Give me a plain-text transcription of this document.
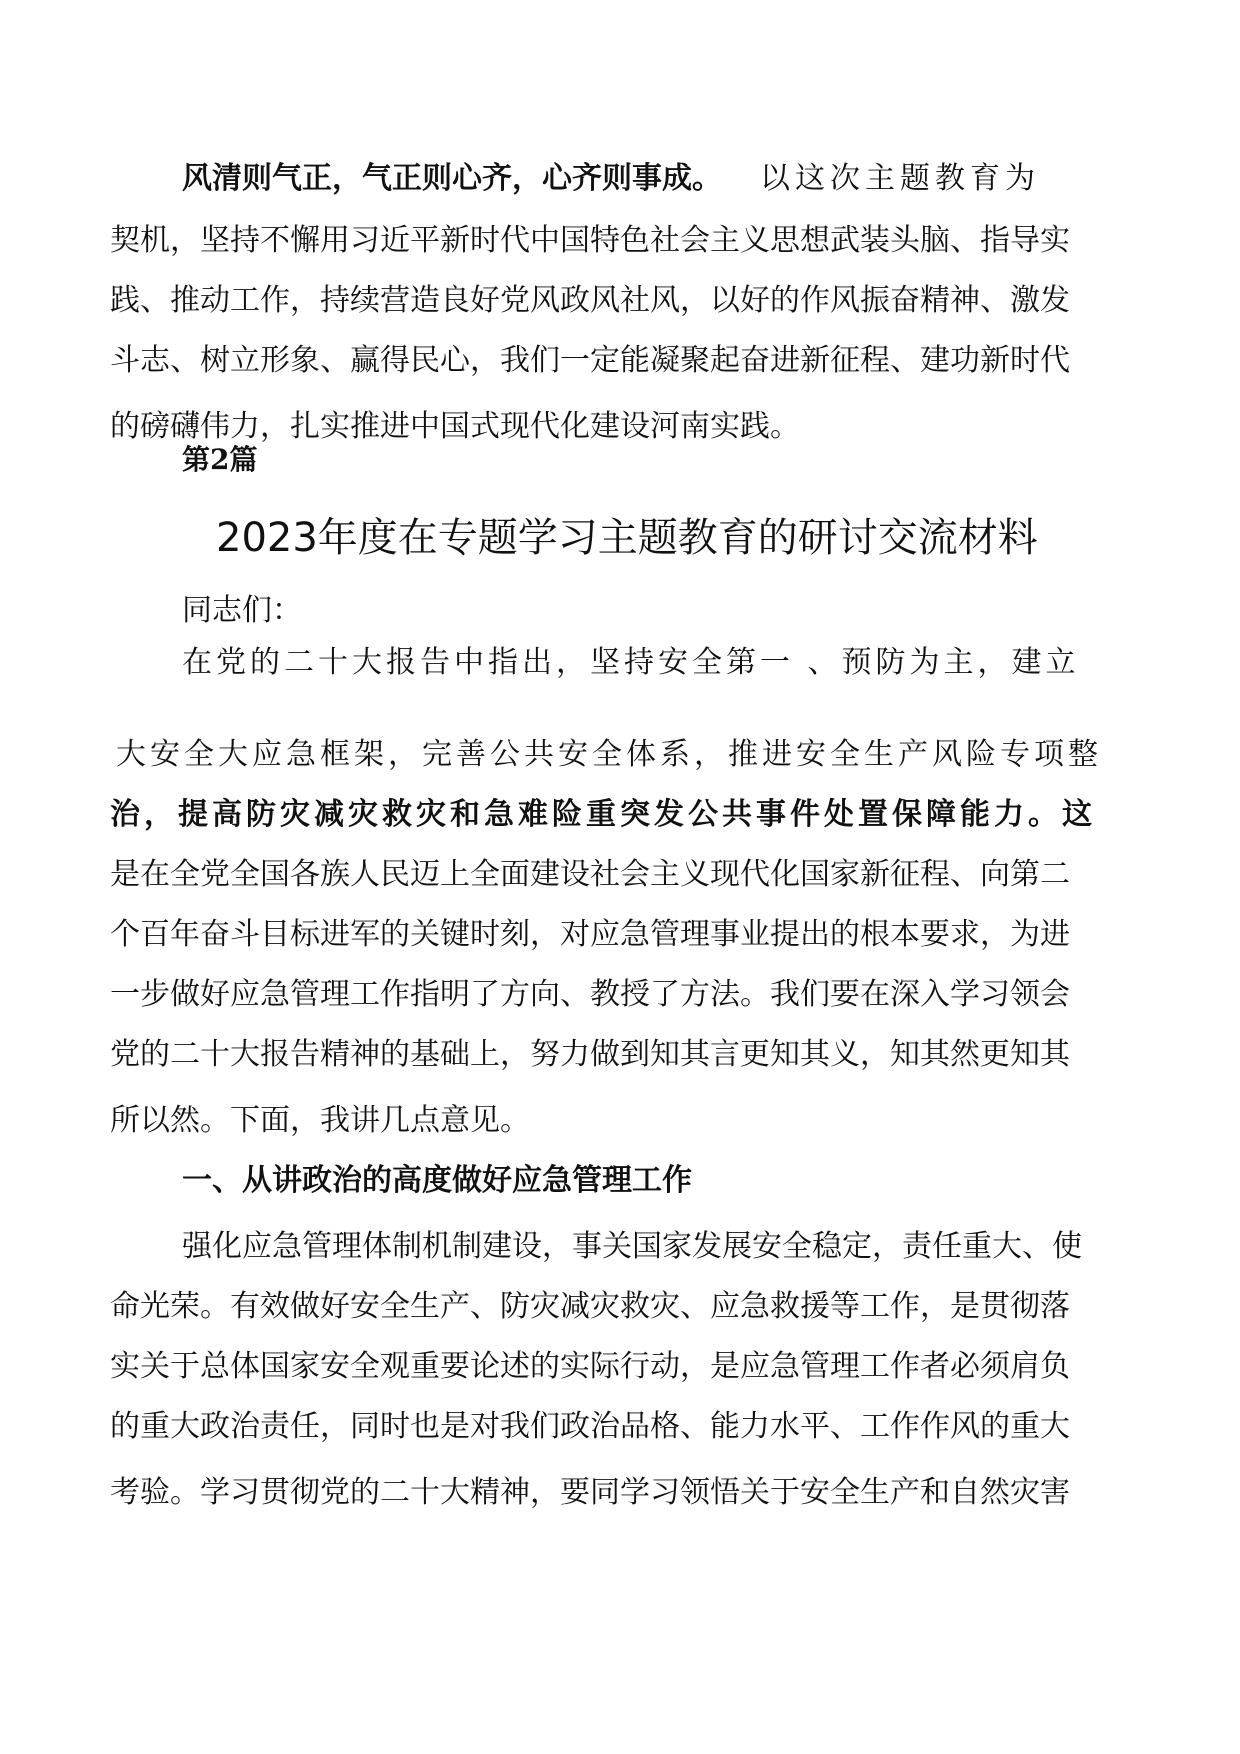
风清则气正，气正则心齐，心齐则事成。 以这次主题教育为
契机，坚持不懈用习近平新时代中国特色社会主义思想武装头脑、指导实
践、推动工作，持续营造良好党风政风社风，以好的作风振奋精神、激发
斗志、树立形象、赢得民心，我们一定能凝聚起奋进新征程、建功新时代
的磅礴伟力，扎实推进中国式现代化建设河南实践。
第2篇
2023年度在专题学习主题教育的研讨交流材料
同志们：
在党的二十大报告中指出，坚持安全第一 、预防为主，建立
大安全大应急框架，完善公共安全体系，推进安全生产风险专项整
治，提高防灾减灾救灾和急难险重突发公共事件处置保障能力。这
是在全党全国各族人民迈上全面建设社会主义现代化国家新征程、向第二
个百年奋斗目标进军的关键时刻，对应急管理事业提出的根本要求，为进
一步做好应急管理工作指明了方向、教授了方法。我们要在深入学习领会
党的二十大报告精神的基础上，努力做到知其言更知其义，知其然更知其
所以然。下面，我讲几点意见。
一、从讲政治的高度做好应急管理工作
强化应急管理体制机制建设，事关国家发展安全稳定，责任重大、使
命光荣。有效做好安全生产、防灾减灾救灾、应急救援等工作，是贯彻落
实关于总体国家安全观重要论述的实际行动，是应急管理工作者必须肩负
的重大政治责任，同时也是对我们政治品格、能力水平、工作作风的重大
考验。学习贯彻党的二十大精神，要同学习领悟关于安全生产和自然灾害
